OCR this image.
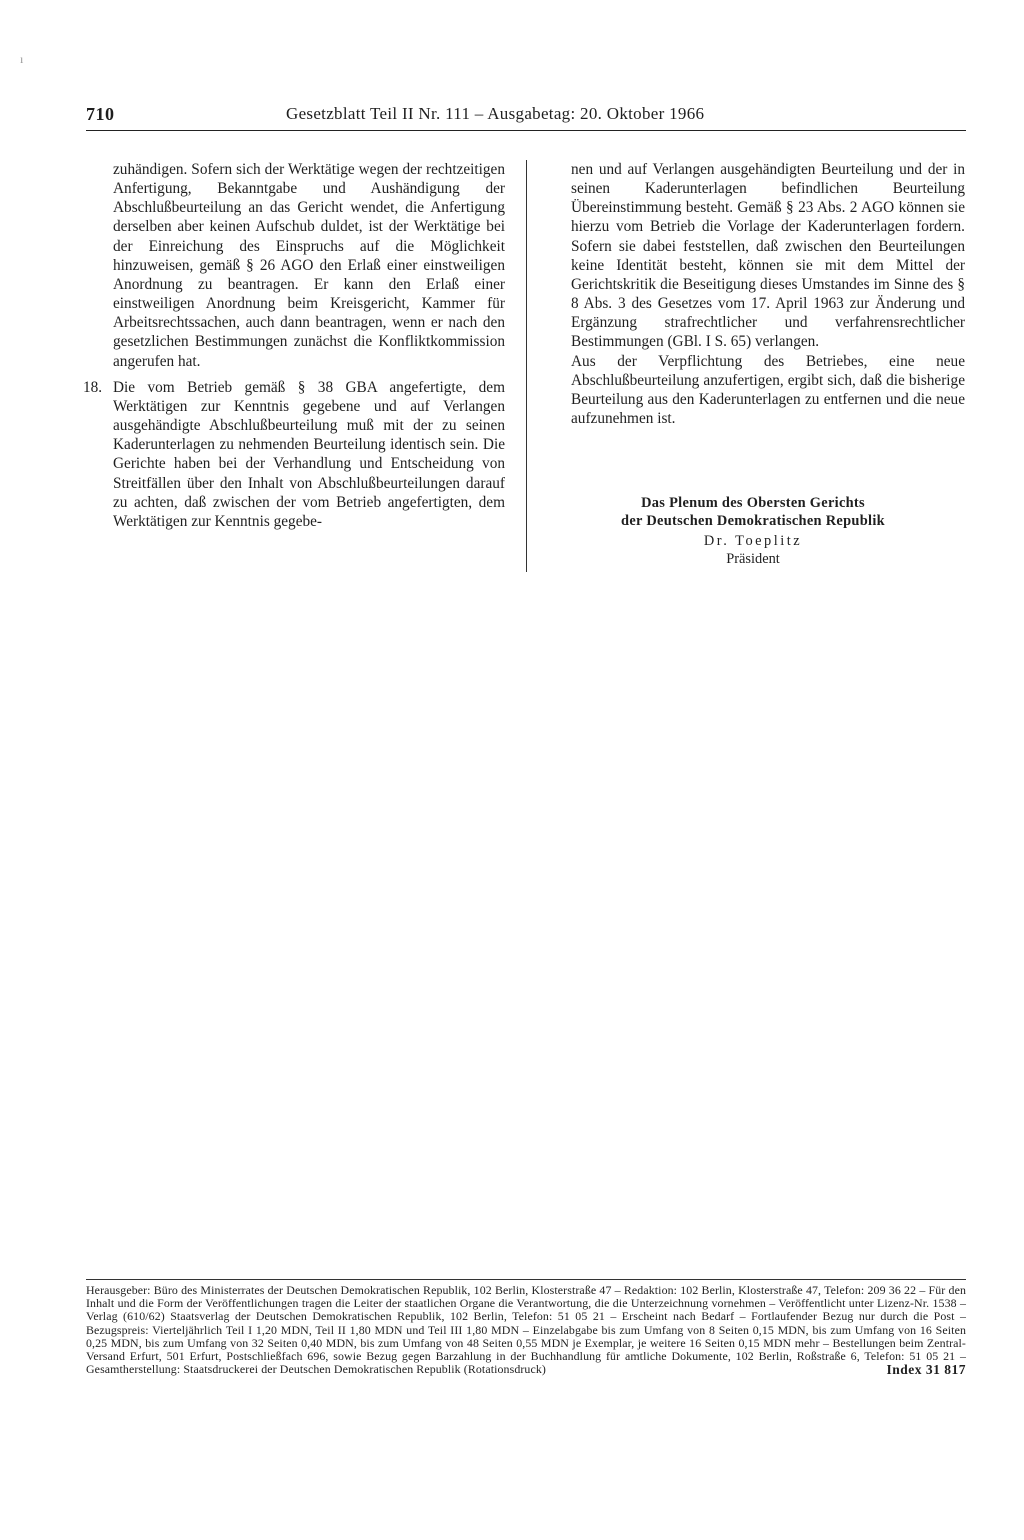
710	Gesetzblatt Teil II Nr. 111 – Ausgabetag: 20. Oktober 1966
ı

zuhändigen. Sofern sich der Werktätige wegen der rechtzeitigen Anfertigung, Bekanntgabe und Aushändigung der Abschlußbeurteilung an das Gericht wendet, die Anfertigung derselben aber keinen Aufschub duldet, ist der Werktätige bei der Einreichung des Einspruchs auf die Möglichkeit hinzuweisen, gemäß § 26 AGO den Erlaß einer einstweiligen Anordnung zu beantragen. Er kann den Erlaß einer einstweiligen Anordnung beim Kreisgericht, Kammer für Arbeitsrechtssachen, auch dann beantragen, wenn er nach den gesetzlichen Bestimmungen zunächst die Konfliktkommission angerufen hat.

18. Die vom Betrieb gemäß § 38 GBA angefertigte, dem Werktätigen zur Kenntnis gegebene und auf Verlangen ausgehändigte Abschlußbeurteilung muß mit der zu seinen Kaderunterlagen zu nehmenden Beurteilung identisch sein. Die Gerichte haben bei der Verhandlung und Entscheidung von Streitfällen über den Inhalt von Abschlußbeurteilungen darauf zu achten, daß zwischen der vom Betrieb angefertigten, dem Werktätigen zur Kenntnis gegebe-

nen und auf Verlangen ausgehändigten Beurteilung und der in seinen Kaderunterlagen befindlichen Beurteilung Übereinstimmung besteht. Gemäß § 23 Abs. 2 AGO können sie hierzu vom Betrieb die Vorlage der Kaderunterlagen fordern. Sofern sie dabei feststellen, daß zwischen den Beurteilungen keine Identität besteht, können sie mit dem Mittel der Gerichtskritik die Beseitigung dieses Umstandes im Sinne des § 8 Abs. 3 des Gesetzes vom 17. April 1963 zur Änderung und Ergänzung strafrechtlicher und verfahrensrechtlicher Bestimmungen (GBl. I S. 65) verlangen.

Aus der Verpflichtung des Betriebes, eine neue Abschlußbeurteilung anzufertigen, ergibt sich, daß die bisherige Beurteilung aus den Kaderunterlagen zu entfernen und die neue aufzunehmen ist.

Das Plenum des Obersten Gerichts
der Deutschen Demokratischen Republik
Dr. Toeplitz
Präsident
Herausgeber: Büro des Ministerrates der Deutschen Demokratischen Republik, 102 Berlin, Klosterstraße 47 – Redaktion: 102 Berlin, Klosterstraße 47, Telefon: 209 36 22 – Für den Inhalt und die Form der Veröffentlichungen tragen die Leiter der staatlichen Organe die Verantwortung, die die Unterzeichnung vornehmen – Veröffentlicht unter Lizenz-Nr. 1538 – Verlag (610/62) Staatsverlag der Deutschen Demokratischen Republik, 102 Berlin, Telefon: 51 05 21 – Erscheint nach Bedarf – Fortlaufender Bezug nur durch die Post – Bezugspreis: Vierteljährlich Teil I 1,20 MDN, Teil II 1,80 MDN und Teil III 1,80 MDN – Einzelabgabe bis zum Umfang von 8 Seiten 0,15 MDN, bis zum Umfang von 16 Seiten 0,25 MDN, bis zum Umfang von 32 Seiten 0,40 MDN, bis zum Umfang von 48 Seiten 0,55 MDN je Exemplar, je weitere 16 Seiten 0,15 MDN mehr – Bestellungen beim Zentral-Versand Erfurt, 501 Erfurt, Postschließfach 696, sowie Bezug gegen Barzahlung in der Buchhandlung für amtliche Dokumente, 102 Berlin, Roßstraße 6, Telefon: 51 05 21 – Gesamtherstellung: Staatsdruckerei der Deutschen Demokratischen Republik (Rotationsdruck)	Index 31 817
